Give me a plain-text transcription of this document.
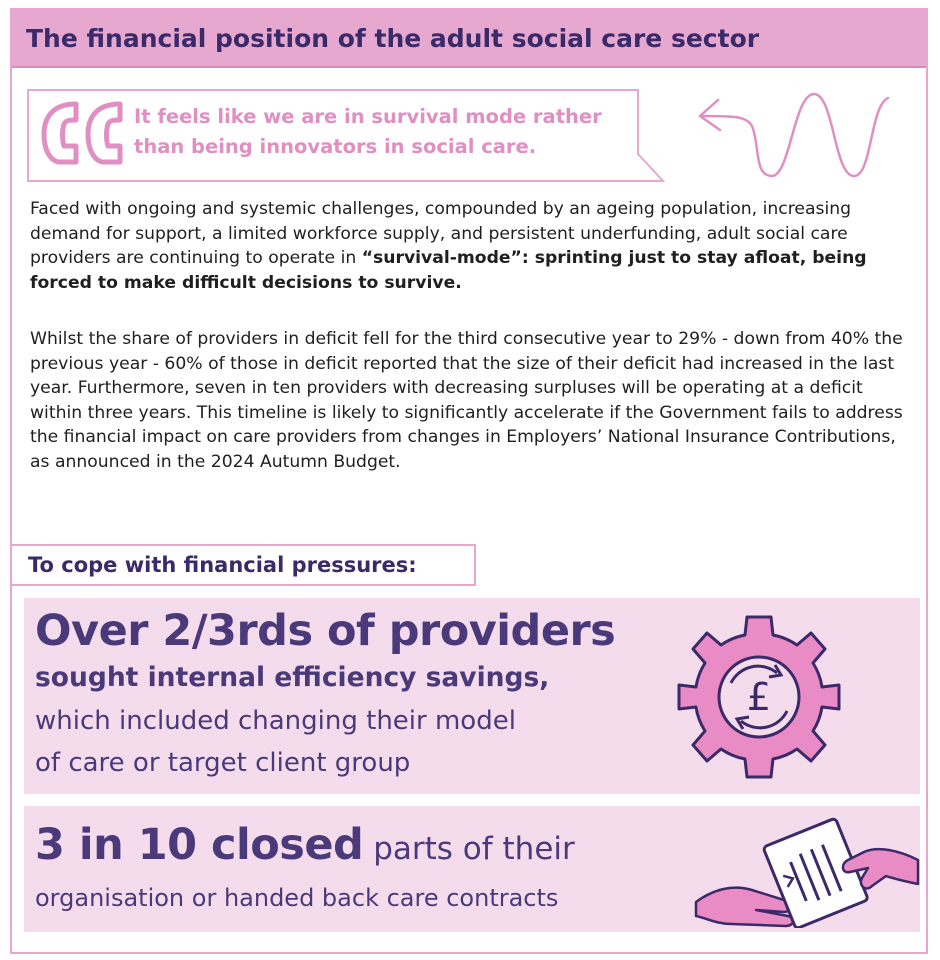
The financial position of the adult social care sector
It feels like we are in survival mode rather
than being innovators in social care.

Faced with ongoing and systemic challenges, compounded by an ageing population, increasing demand for support, a limited workforce supply, and persistent underfunding, adult social care providers are continuing to operate in “survival-mode”: sprinting just to stay afloat, being forced to make difficult decisions to survive.

Whilst the share of providers in deficit fell for the third consecutive year to 29% - down from 40% the previous year - 60% of those in deficit reported that the size of their deficit had increased in the last year. Furthermore, seven in ten providers with decreasing surpluses will be operating at a deficit within three years. This timeline is likely to significantly accelerate if the Government fails to address the financial impact on care providers from changes in Employers’ National Insurance Contributions, as announced in the 2024 Autumn Budget.

To cope with financial pressures:
Over 2/3rds of providers
sought internal efficiency savings,
which included changing their model
of care or target client group
£
3 in 10 closed parts of their
organisation or handed back care contracts
